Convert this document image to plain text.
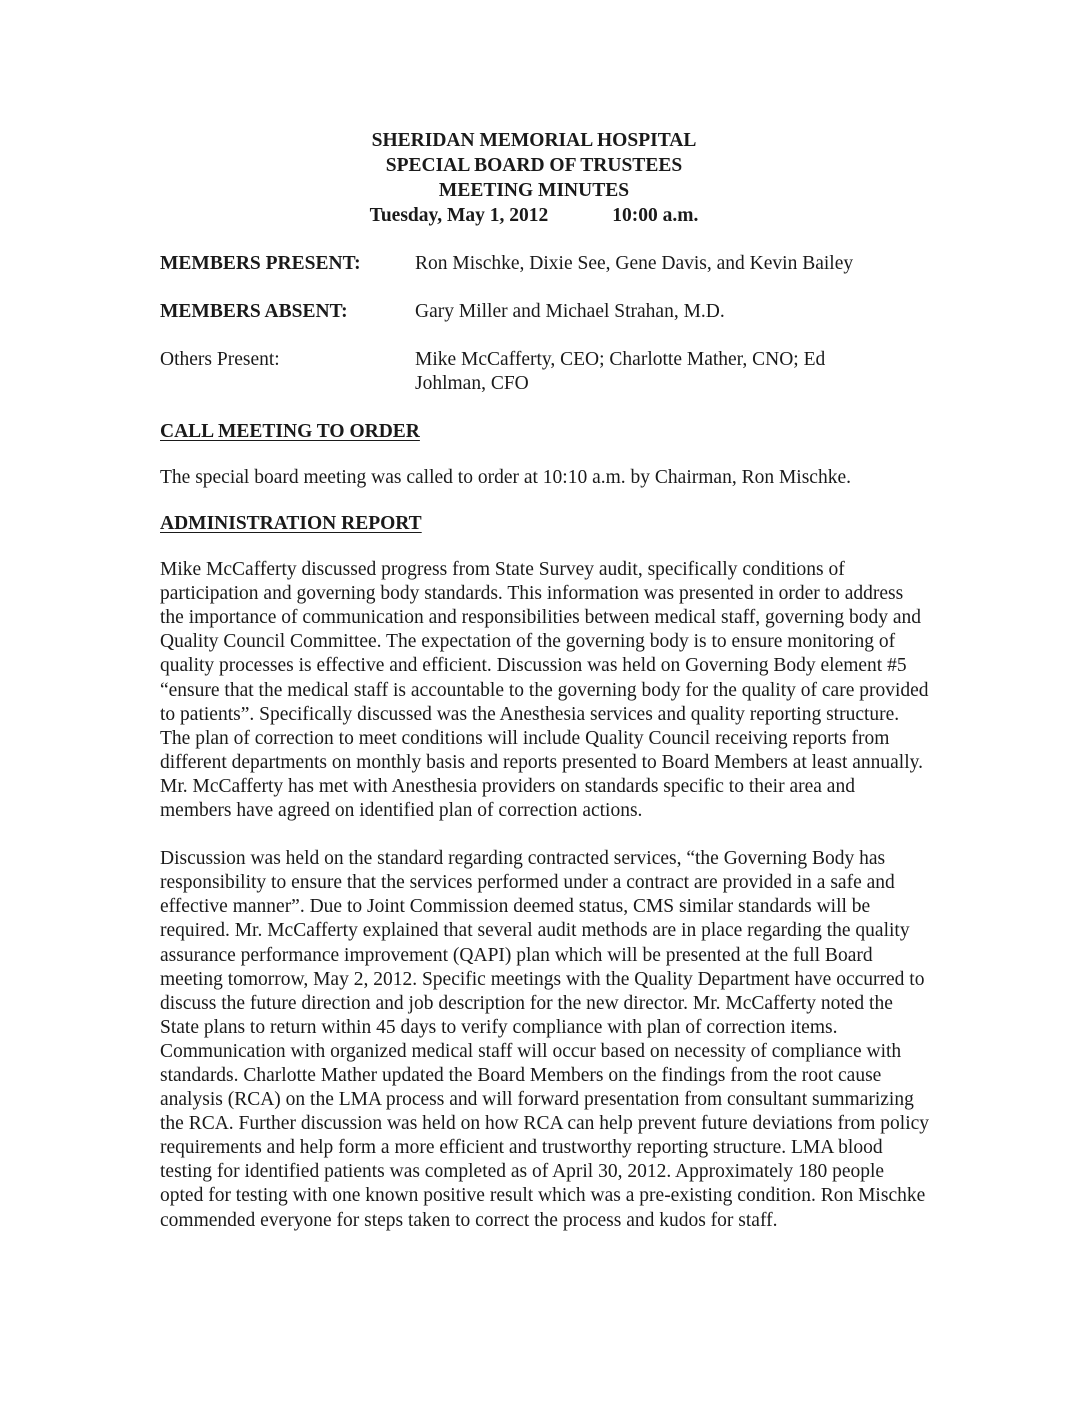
SHERIDAN MEMORIAL HOSPITAL
SPECIAL BOARD OF TRUSTEES
MEETING MINUTES
Tuesday, May 1, 2012	10:00 a.m.
MEMBERS PRESENT:	Ron Mischke, Dixie See, Gene Davis, and Kevin Bailey
MEMBERS ABSENT:	Gary Miller and Michael Strahan, M.D.
Others Present:	Mike McCafferty, CEO; Charlotte Mather, CNO; Ed Johlman, CFO
CALL MEETING TO ORDER

The special board meeting was called to order at 10:10 a.m. by Chairman, Ron Mischke.

ADMINISTRATION REPORT

Mike McCafferty discussed progress from State Survey audit, specifically conditions of participation and governing body standards. This information was presented in order to address the importance of communication and responsibilities between medical staff, governing body and Quality Council Committee. The expectation of the governing body is to ensure monitoring of quality processes is effective and efficient. Discussion was held on Governing Body element #5 “ensure that the medical staff is accountable to the governing body for the quality of care provided to patients”. Specifically discussed was the Anesthesia services and quality reporting structure. The plan of correction to meet conditions will include Quality Council receiving reports from different departments on monthly basis and reports presented to Board Members at least annually. Mr. McCafferty has met with Anesthesia providers on standards specific to their area and members have agreed on identified plan of correction actions.

Discussion was held on the standard regarding contracted services, “the Governing Body has responsibility to ensure that the services performed under a contract are provided in a safe and effective manner”. Due to Joint Commission deemed status, CMS similar standards will be required. Mr. McCafferty explained that several audit methods are in place regarding the quality assurance performance improvement (QAPI) plan which will be presented at the full Board meeting tomorrow, May 2, 2012. Specific meetings with the Quality Department have occurred to discuss the future direction and job description for the new director. Mr. McCafferty noted the State plans to return within 45 days to verify compliance with plan of correction items. Communication with organized medical staff will occur based on necessity of compliance with standards. Charlotte Mather updated the Board Members on the findings from the root cause analysis (RCA) on the LMA process and will forward presentation from consultant summarizing the RCA. Further discussion was held on how RCA can help prevent future deviations from policy requirements and help form a more efficient and trustworthy reporting structure. LMA blood testing for identified patients was completed as of April 30, 2012. Approximately 180 people opted for testing with one known positive result which was a pre-existing condition. Ron Mischke commended everyone for steps taken to correct the process and kudos for staff.
